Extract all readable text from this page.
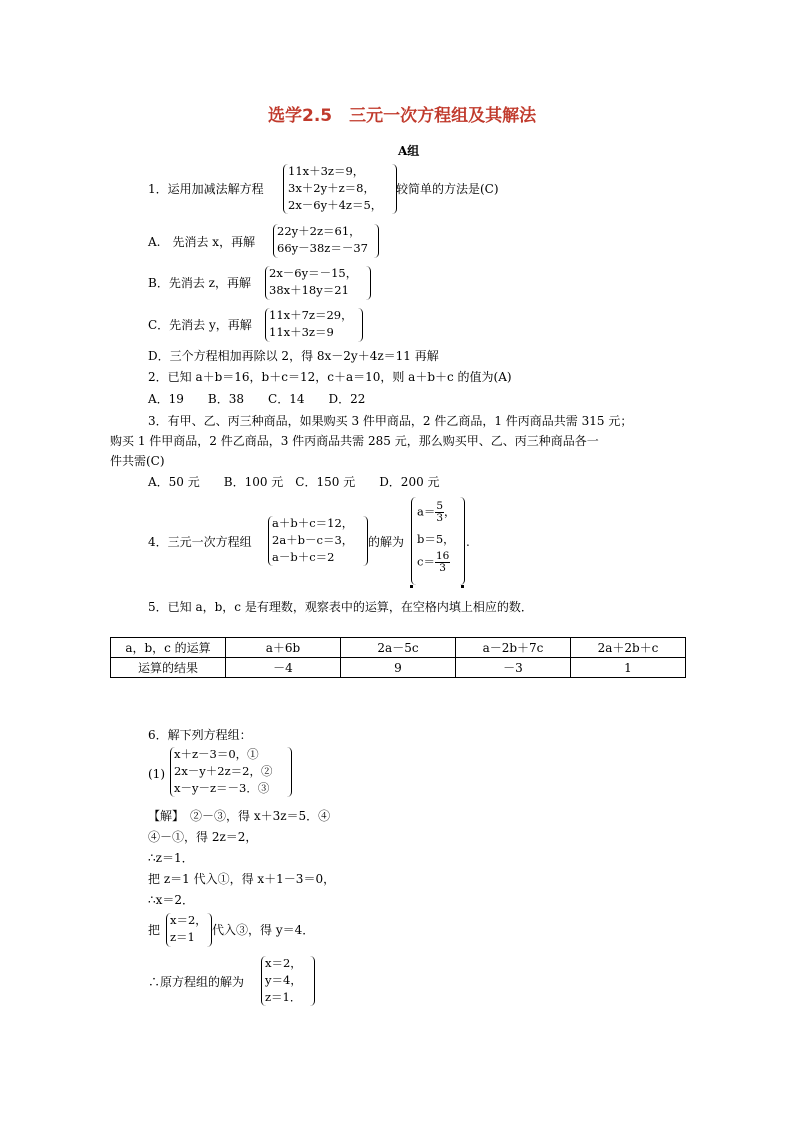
选学2.5　三元一次方程组及其解法
A组
1．运用加减法解方程
11x＋3z＝9，
3x＋2y＋z＝8，
2x－6y＋4z＝5，
较简单的方法是(C)
A.　先消去 x，再解
22y＋2z＝61，
66y－38z＝－37
B．先消去 z，再解
2x－6y＝－15，
38x＋18y＝21
C．先消去 y，再解
11x＋7z＝29，
11x＋3z＝9
D．三个方程相加再除以 2，得 8x－2y＋4z＝11 再解
2．已知 a＋b＝16，b＋c＝12，c＋a＝10，则 a＋b＋c 的值为(A)
A．19　　B．38　　C．14　　D．22
3．有甲、乙、丙三种商品，如果购买 3 件甲商品，2 件乙商品，1 件丙商品共需 315 元；
购买 1 件甲商品，2 件乙商品，3 件丙商品共需 285 元，那么购买甲、乙、丙三种商品各一
件共需(C)
A．50 元　　B．100 元　C．150 元　　D．200 元
4．三元一次方程组
a＋b＋c＝12，
2a＋b－c＝3，
a－b＋c＝2
的解为
$a= \frac{5}{3}$ ，
b＝5，
$c= \frac{16}{3}$
.
5．已知 a，b，c 是有理数，观察表中的运算，在空格内填上相应的数．
a，b，c 的运算	a＋6b	2a－5c	a－2b＋7c	2a＋2b＋c
运算的结果	－4	9	－3	1
6．解下列方程组：
(1)
x＋z－3＝0，①
2x－y＋2z＝2，②
x－y－z＝－3．③
【解】　②－③，得 x＋3z＝5．④
④－①，得 2z＝2，
∴z＝1．
把 z＝1 代入①，得 x＋1－3＝0，
∴x＝2．
把
x＝2，
z＝1 代入③，得 y＝4．
∴原方程组的解为
x＝2，
y＝4，
z＝1．
